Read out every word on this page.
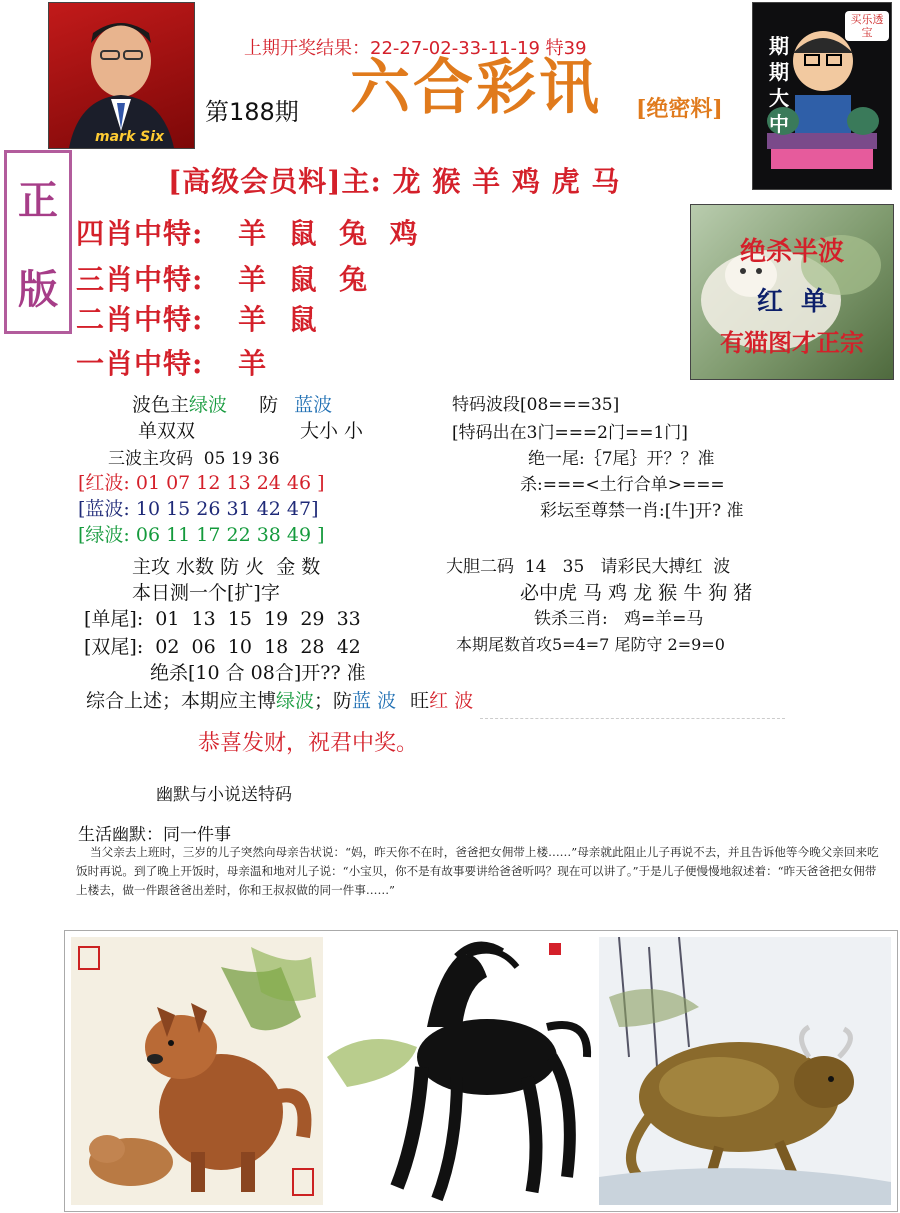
mark Six
上期开奖结果：22-27-02-33-11-19 特39
第188期 六合彩讯 [绝密料]
期期大中
买乐透宝
正
版
[高级会员料]主: 龙 猴 羊 鸡 虎 马
四肖中特: 羊  鼠  兔  鸡
三肖中特: 羊  鼠  兔
二肖中特: 羊  鼠
一肖中特: 羊
绝杀半波
红  单
有猫图才正宗
波色主绿波 防 蓝波
单双双	大小 小
三波主攻码  05 19 36
[红波: 01 07 12 13 24 46 ]
[蓝波: 10 15 26 31 42 47]
[绿波: 06 11 17 22 38 49 ]
主攻 水数 防 火  金 数
本日测一个[扩]字
[单尾]:  01  13  15  19  29  33
[双尾]:  02  06  10  18  28  42
绝杀[10 合 08合]开?? 准
特码波段[08===35]
[特码出在3门===2门==1门]
绝一尾:｛7尾｝开？？准
杀:===<土行合单>===
彩坛至尊禁一肖:[牛]开? 准
大胆二码  14   35   请彩民大搏红  波
必中虎 马 鸡 龙 猴 牛 狗 猪
铁杀三肖:   鸡=羊=马
本期尾数首攻5=4=7 尾防守 2=9=0
综合上述；本期应主博绿波；防蓝 波 旺红 波
恭喜发财，祝君中奖。
幽默与小说送特码
生活幽默：同一件事
当父亲去上班时，三岁的儿子突然向母亲告状说：“妈，昨天你不在时，爸爸把女佣带上楼……”母亲就此阻止儿子再说不去，并且告诉他等今晚父亲回来吃饭时再说。到了晚上开饭时，母亲温和地对儿子说：“小宝贝，你不是有故事要讲给爸爸听吗？现在可以讲了。”于是儿子便慢慢地叙述着：“昨天爸爸把女佣带上楼去，做一件跟爸爸出差时，你和王叔叔做的同一件事……”
